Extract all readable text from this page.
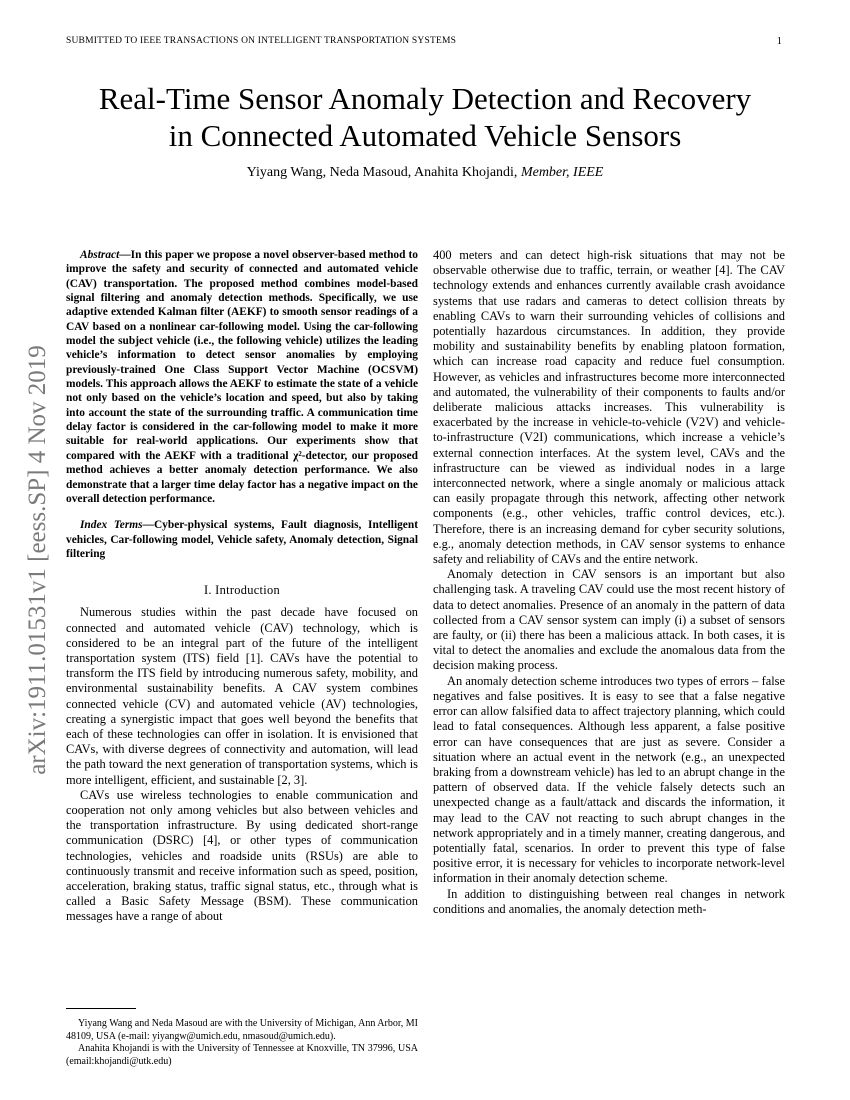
SUBMITTED TO IEEE TRANSACTIONS ON INTELLIGENT TRANSPORTATION SYSTEMS	1
Real-Time Sensor Anomaly Detection and Recovery
in Connected Automated Vehicle Sensors
Yiyang Wang, Neda Masoud, Anahita Khojandi, Member, IEEE
arXiv:1911.01531v1 [eess.SP] 4 Nov 2019

Abstract—In this paper we propose a novel observer-based method to improve the safety and security of connected and automated vehicle (CAV) transportation. The proposed method combines model-based signal filtering and anomaly detection methods. Specifically, we use adaptive extended Kalman filter (AEKF) to smooth sensor readings of a CAV based on a nonlinear car-following model. Using the car-following model the subject vehicle (i.e., the following vehicle) utilizes the leading vehicle’s information to detect sensor anomalies by employing previously-trained One Class Support Vector Machine (OCSVM) models. This approach allows the AEKF to estimate the state of a vehicle not only based on the vehicle’s location and speed, but also by taking into account the state of the surrounding traffic. A communication time delay factor is considered in the car-following model to make it more suitable for real-world applications. Our experiments show that compared with the AEKF with a traditional χ²-detector, our proposed method achieves a better anomaly detection performance. We also demonstrate that a larger time delay factor has a negative impact on the overall detection performance.

Index Terms—Cyber-physical systems, Fault diagnosis, Intelligent vehicles, Car-following model, Vehicle safety, Anomaly detection, Signal filtering

I. Introduction

Numerous studies within the past decade have focused on connected and automated vehicle (CAV) technology, which is considered to be an integral part of the future of the intelligent transportation system (ITS) field [1]. CAVs have the potential to transform the ITS field by introducing numerous safety, mobility, and environmental sustainability benefits. A CAV system combines connected vehicle (CV) and automated vehicle (AV) technologies, creating a synergistic impact that goes well beyond the benefits that each of these technologies can offer in isolation. It is envisioned that CAVs, with diverse degrees of connectivity and automation, will lead the path toward the next generation of transportation systems, which is more intelligent, efficient, and sustainable [2, 3].

CAVs use wireless technologies to enable communication and cooperation not only among vehicles but also between vehicles and the transportation infrastructure. By using dedicated short-range communication (DSRC) [4], or other types of communication technologies, vehicles and roadside units (RSUs) are able to continuously transmit and receive information such as speed, position, acceleration, braking status, traffic signal status, etc., through what is called a Basic Safety Message (BSM). These communication messages have a range of about

400 meters and can detect high-risk situations that may not be observable otherwise due to traffic, terrain, or weather [4]. The CAV technology extends and enhances currently available crash avoidance systems that use radars and cameras to detect collision threats by enabling CAVs to warn their surrounding vehicles of collisions and potentially hazardous circumstances. In addition, they provide mobility and sustainability benefits by enabling platoon formation, which can increase road capacity and reduce fuel consumption. However, as vehicles and infrastructures become more interconnected and automated, the vulnerability of their components to faults and/or deliberate malicious attacks increases. This vulnerability is exacerbated by the increase in vehicle-to-vehicle (V2V) and vehicle-to-infrastructure (V2I) communications, which increase a vehicle’s external connection interfaces. At the system level, CAVs and the infrastructure can be viewed as individual nodes in a large interconnected network, where a single anomaly or malicious attack can easily propagate through this network, affecting other network components (e.g., other vehicles, traffic control devices, etc.). Therefore, there is an increasing demand for cyber security solutions, e.g., anomaly detection methods, in CAV sensor systems to enhance safety and reliability of CAVs and the entire network.

Anomaly detection in CAV sensors is an important but also challenging task. A traveling CAV could use the most recent history of data to detect anomalies. Presence of an anomaly in the pattern of data collected from a CAV sensor system can imply (i) a subset of sensors are faulty, or (ii) there has been a malicious attack. In both cases, it is vital to detect the anomalies and exclude the anomalous data from the decision making process.

An anomaly detection scheme introduces two types of errors – false negatives and false positives. It is easy to see that a false negative error can allow falsified data to affect trajectory planning, which could lead to fatal consequences. Although less apparent, a false positive error can have consequences that are just as severe. Consider a situation where an actual event in the network (e.g., an unexpected braking from a downstream vehicle) has led to an abrupt change in the pattern of observed data. If the vehicle falsely detects such an unexpected change as a fault/attack and discards the information, it may lead to the CAV not reacting to such abrupt changes in the network appropriately and in a timely manner, creating dangerous, and potentially fatal, scenarios. In order to prevent this type of false positive error, it is necessary for vehicles to incorporate network-level information in their anomaly detection scheme.

In addition to distinguishing between real changes in network conditions and anomalies, the anomaly detection meth-

Yiyang Wang and Neda Masoud are with the University of Michigan, Ann Arbor, MI 48109, USA (e-mail: yiyangw@umich.edu, nmasoud@umich.edu).

Anahita Khojandi is with the University of Tennessee at Knoxville, TN 37996, USA (email:khojandi@utk.edu)
